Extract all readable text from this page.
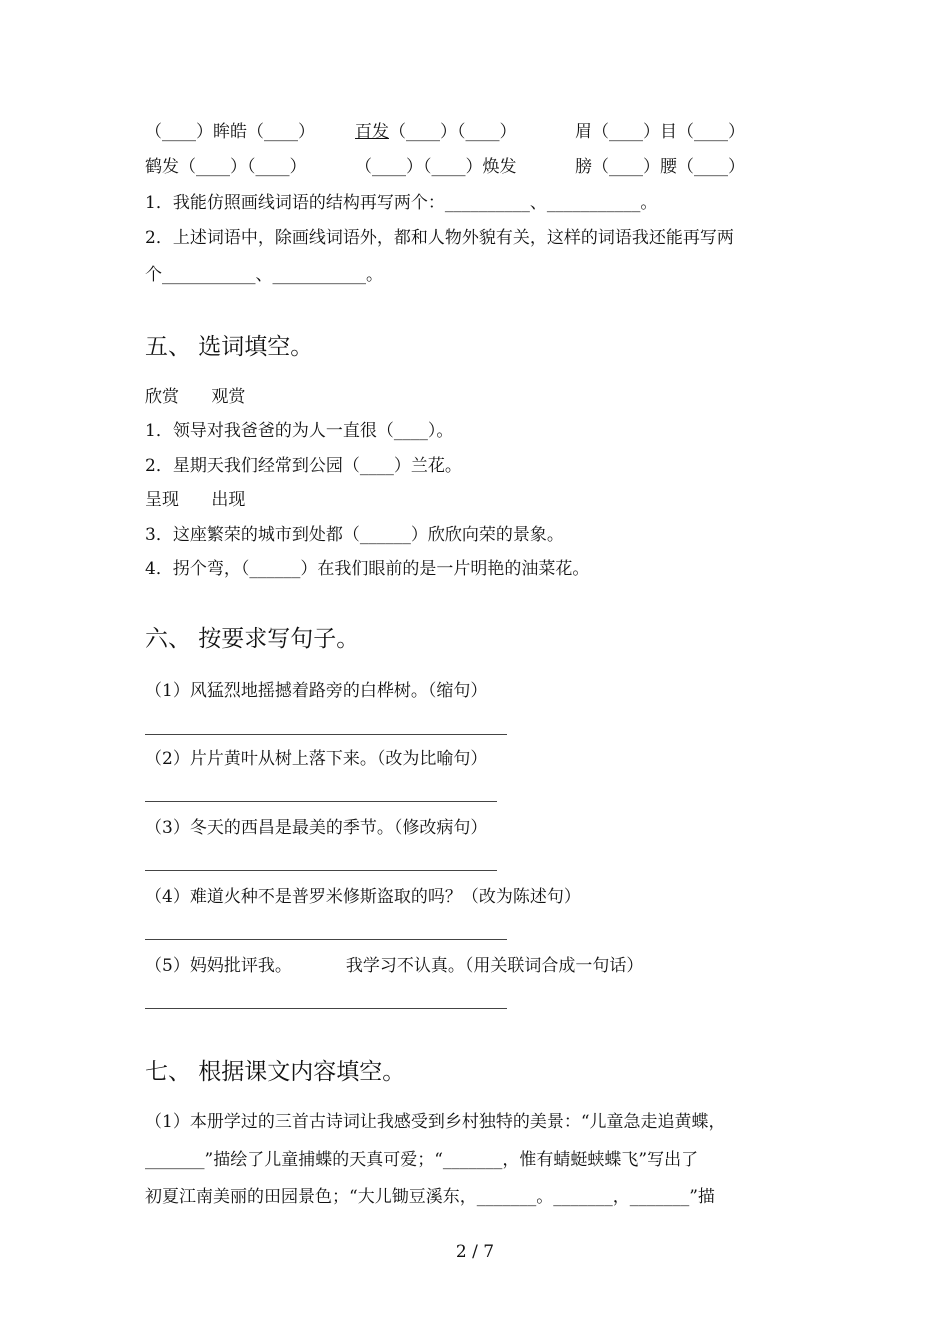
（____）眸皓（____） 百发（____）（____）	眉（____）目（____）
鹤发（____）（____）	（____）（____）焕发	膀（____）腰（____）
1．我能仿照画线词语的结构再写两个：__________、___________。
2．上述词语中，除画线词语外，都和人物外貌有关，这样的词语我还能再写两
个___________、___________。
五、 选词填空。
欣赏      观赏
1．领导对我爸爸的为人一直很（____）。
2．星期天我们经常到公园（____）兰花。
呈现      出现
3．这座繁荣的城市到处都（______）欣欣向荣的景象。
4．拐个弯，（______）在我们眼前的是一片明艳的油菜花。
六、 按要求写句子。
（1）风猛烈地摇撼着路旁的白桦树。（缩句）
（2）片片黄叶从树上落下来。（改为比喻句）
（3）冬天的西昌是最美的季节。（修改病句）
（4）难道火种不是普罗米修斯盗取的吗？（改为陈述句）
（5）妈妈批评我。          我学习不认真。（用关联词合成一句话）
七、 根据课文内容填空。
（1）本册学过的三首古诗词让我感受到乡村独特的美景：“儿童急走追黄蝶，
_______”描绘了儿童捕蝶的天真可爱；“_______，惟有蜻蜓蛱蝶飞”写出了
初夏江南美丽的田园景色；“大儿锄豆溪东，_______。_______，_______”描
2 / 7
